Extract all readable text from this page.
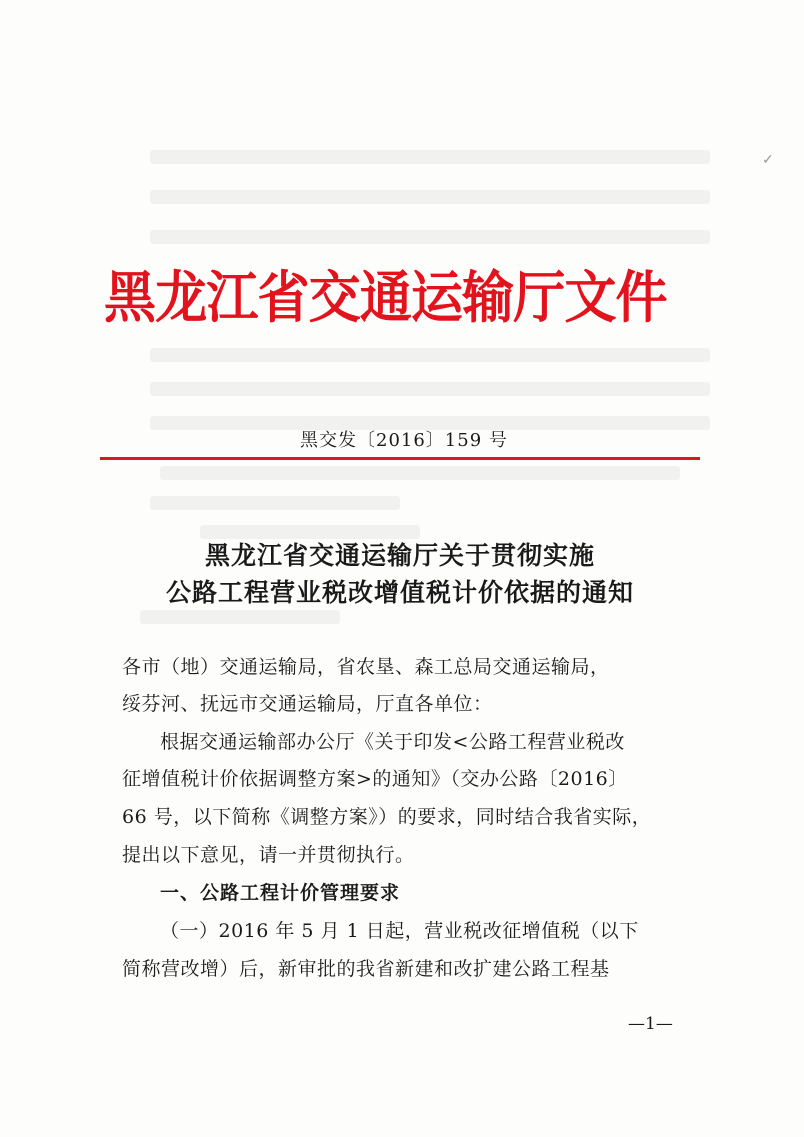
✓
黑龙江省交通运输厅文件
黑交发〔2016〕159 号
黑龙江省交通运输厅关于贯彻实施
公路工程营业税改增值税计价依据的通知
各市（地）交通运输局，省农垦、森工总局交通运输局，
绥芬河、抚远市交通运输局，厅直各单位：
根据交通运输部办公厅《关于印发<公路工程营业税改
征增值税计价依据调整方案>的通知》（交办公路〔2016〕
66 号，以下简称《调整方案》）的要求，同时结合我省实际，
提出以下意见，请一并贯彻执行。
一、公路工程计价管理要求
（一）2016 年 5 月 1 日起，营业税改征增值税（以下
简称营改增）后，新审批的我省新建和改扩建公路工程基
—1—
